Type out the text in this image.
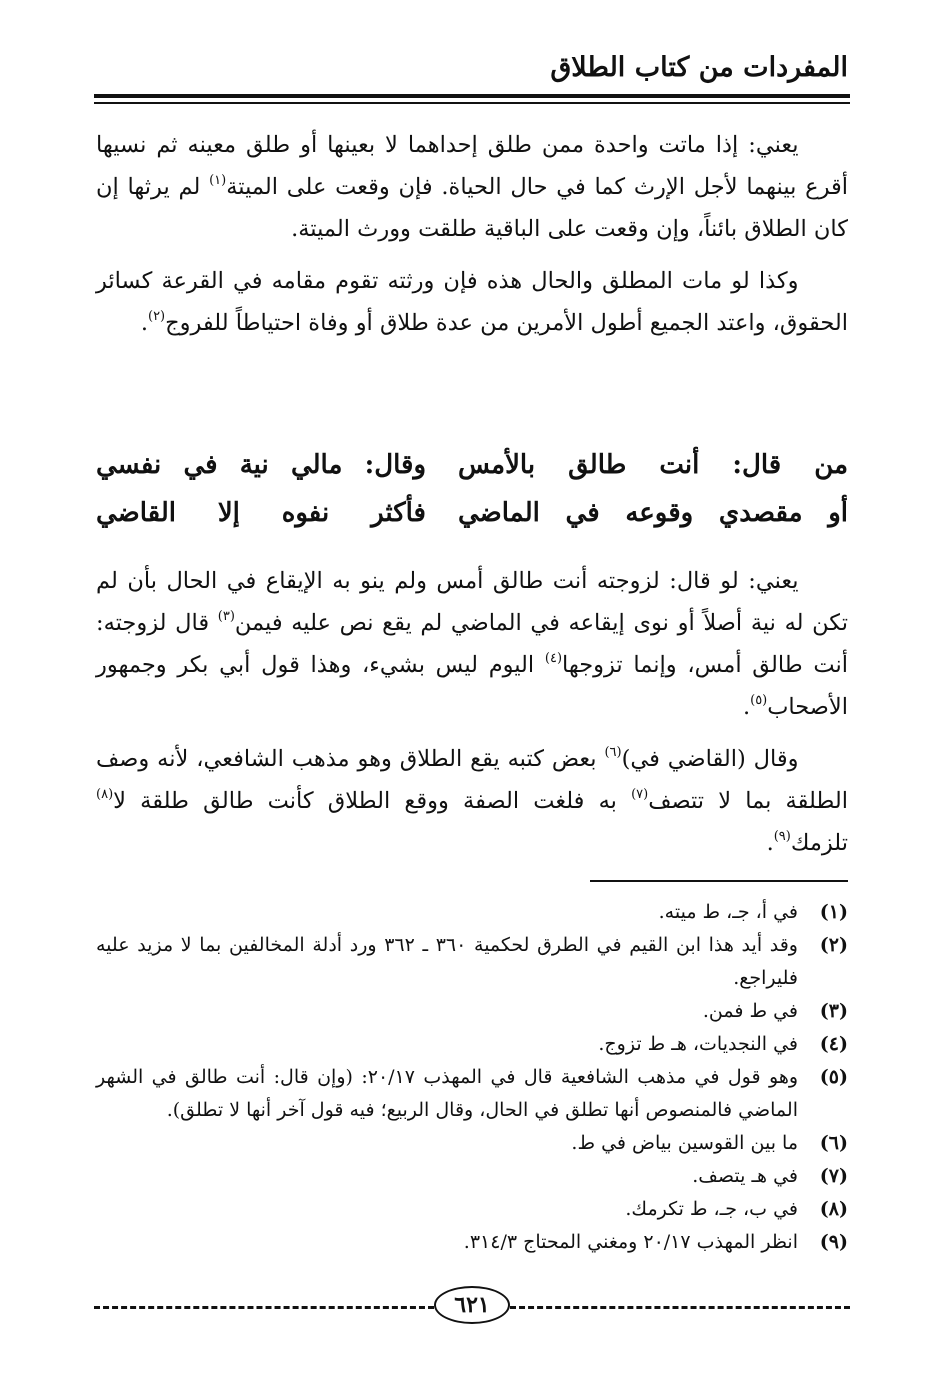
المفردات من كتاب الطلاق

يعني: إذا ماتت واحدة ممن طلق إحداهما لا بعينها أو طلق معينه ثم نسيها أقرع بينهما لأجل الإرث كما في حال الحياة. فإن وقعت على الميتة$^{(١)}$ لم يرثها إن كان الطلاق بائناً، وإن وقعت على الباقية طلقت وورث الميتة.

وكذا لو مات المطلق والحال هذه فإن ورثته تقوم مقامه في القرعة كسائر الحقوق، واعتد الجميع أطول الأمرين من عدة طلاق أو وفاة احتياطاً للفروج$^{(٢)}$.

من قال: أنت طالق بالأمس
وقال: مالي نية في نفسي
أو مقصدي وقوعه في الماضي
فأكثر نفوه إلا القاضي

يعني: لو قال: لزوجته أنت طالق أمس ولم ينو به الإيقاع في الحال بأن لم تكن له نية أصلاً أو نوى إيقاعه في الماضي لم يقع نص عليه فيمن$^{(٣)}$ قال لزوجته: أنت طالق أمس، وإنما تزوجها$^{(٤)}$ اليوم ليس بشيء، وهذا قول أبي بكر وجمهور الأصحاب$^{(٥)}$.

وقال (القاضي في)$^{(٦)}$ بعض كتبه يقع الطلاق وهو مذهب الشافعي، لأنه وصف الطلقة بما لا تتصف$^{(٧)}$ به فلغت الصفة ووقع الطلاق كأنت طالق طلقة لا$^{(٨)}$ تلزمك$^{(٩)}$.

(١)
في أ، جـ، ط ميته.
(٢)
وقد أيد هذا ابن القيم في الطرق لحكمية ٣٦٠ ـ ٣٦٢ ورد أدلة المخالفين بما لا مزيد عليه فليراجع.
(٣)
في ط فمن.
(٤)
في النجديات، هـ ط تزوج.
(٥)
وهو قول في مذهب الشافعية قال في المهذب ٢٠/١٧: (وإن قال: أنت طالق في الشهر الماضي فالمنصوص أنها تطلق في الحال، وقال الربيع؛ فيه قول آخر أنها لا تطلق).
(٦)
ما بين القوسين بياض في ط.
(٧)
في هـ يتصف.
(٨)
في ب، جـ، ط تكرمك.
(٩)
انظر المهذب ٢٠/١٧ ومغني المحتاج ٣١٤/٣.
٦٢١
